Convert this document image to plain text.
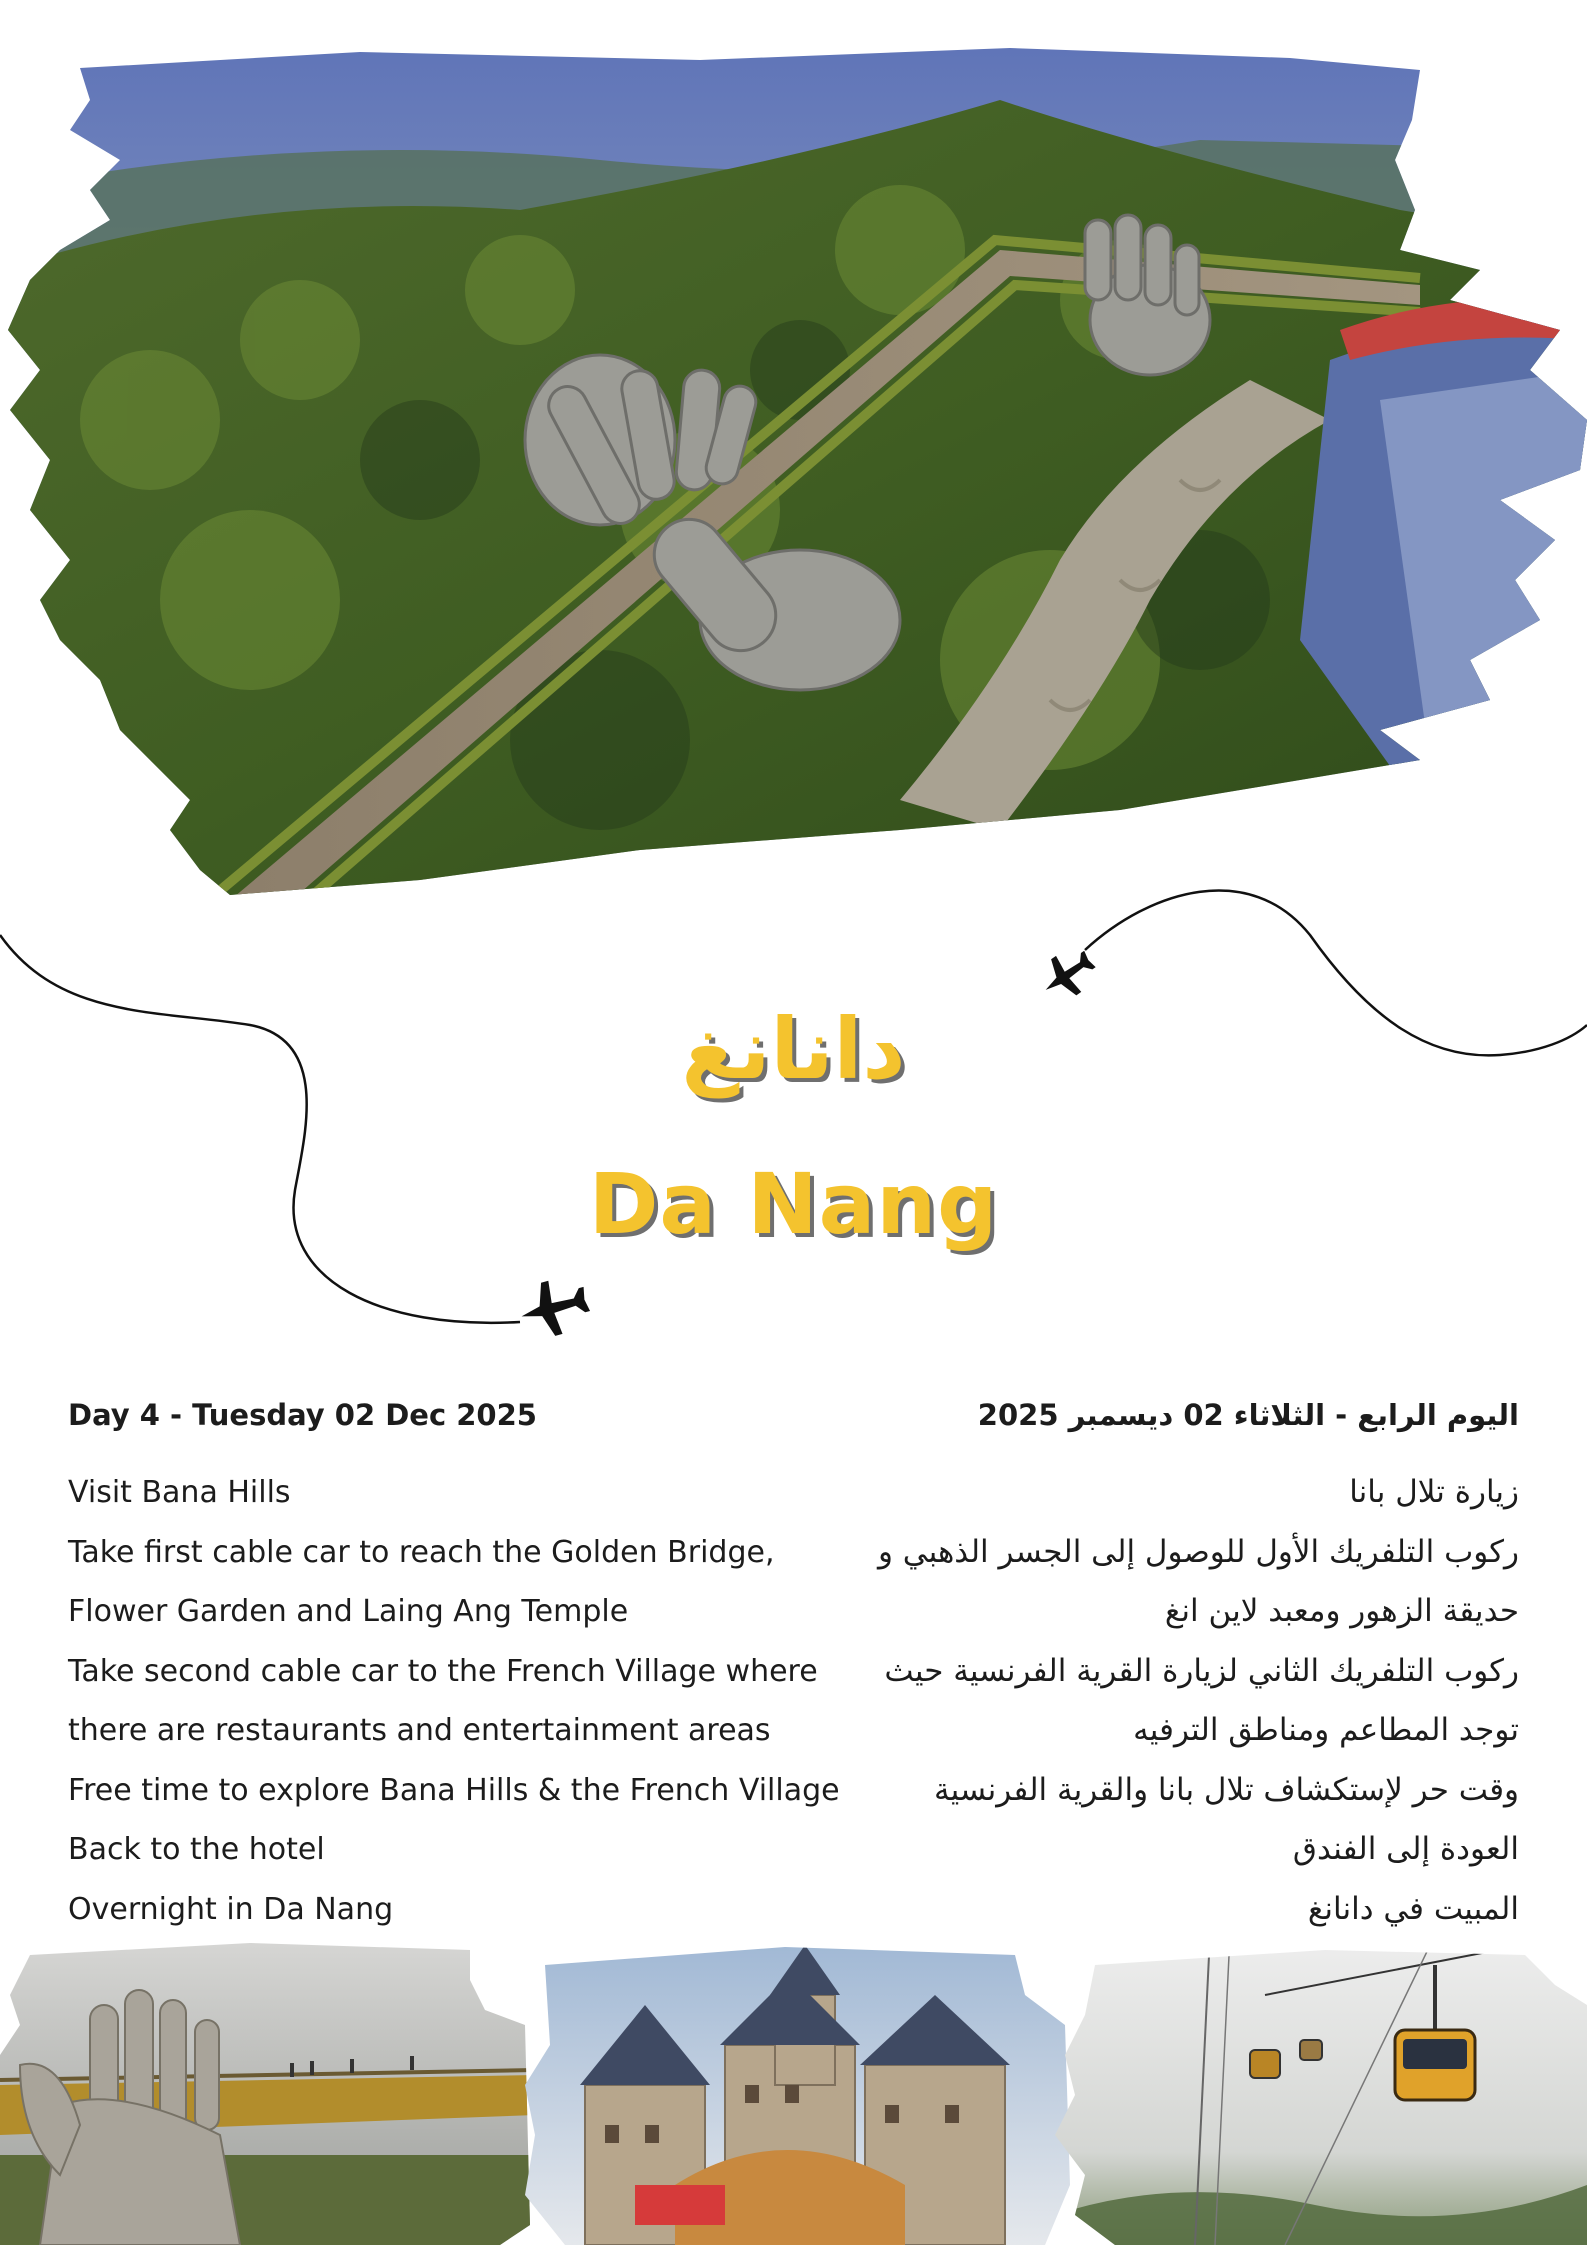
دانانغ
Da Nang
Day 4 - Tuesday 02 Dec 2025
Visit Bana Hills
Take first cable car to reach the Golden Bridge,
Flower Garden and Laing Ang Temple
Take second cable car to the French Village where
there are restaurants and entertainment areas
Free time to explore Bana Hills & the French Village
Back to the hotel
Overnight in Da Nang
اليوم الرابع - الثلاثاء 02 ديسمبر 2025
زيارة تلال بانا
ركوب التلفريك الأول للوصول إلى الجسر الذهبي و
حديقة الزهور ومعبد لاين انغ
ركوب التلفريك الثاني لزيارة القرية الفرنسية حيث
توجد المطاعم ومناطق الترفيه
وقت حر لإستكشاف تلال بانا والقرية الفرنسية
العودة إلى الفندق
المبيت في دانانغ
